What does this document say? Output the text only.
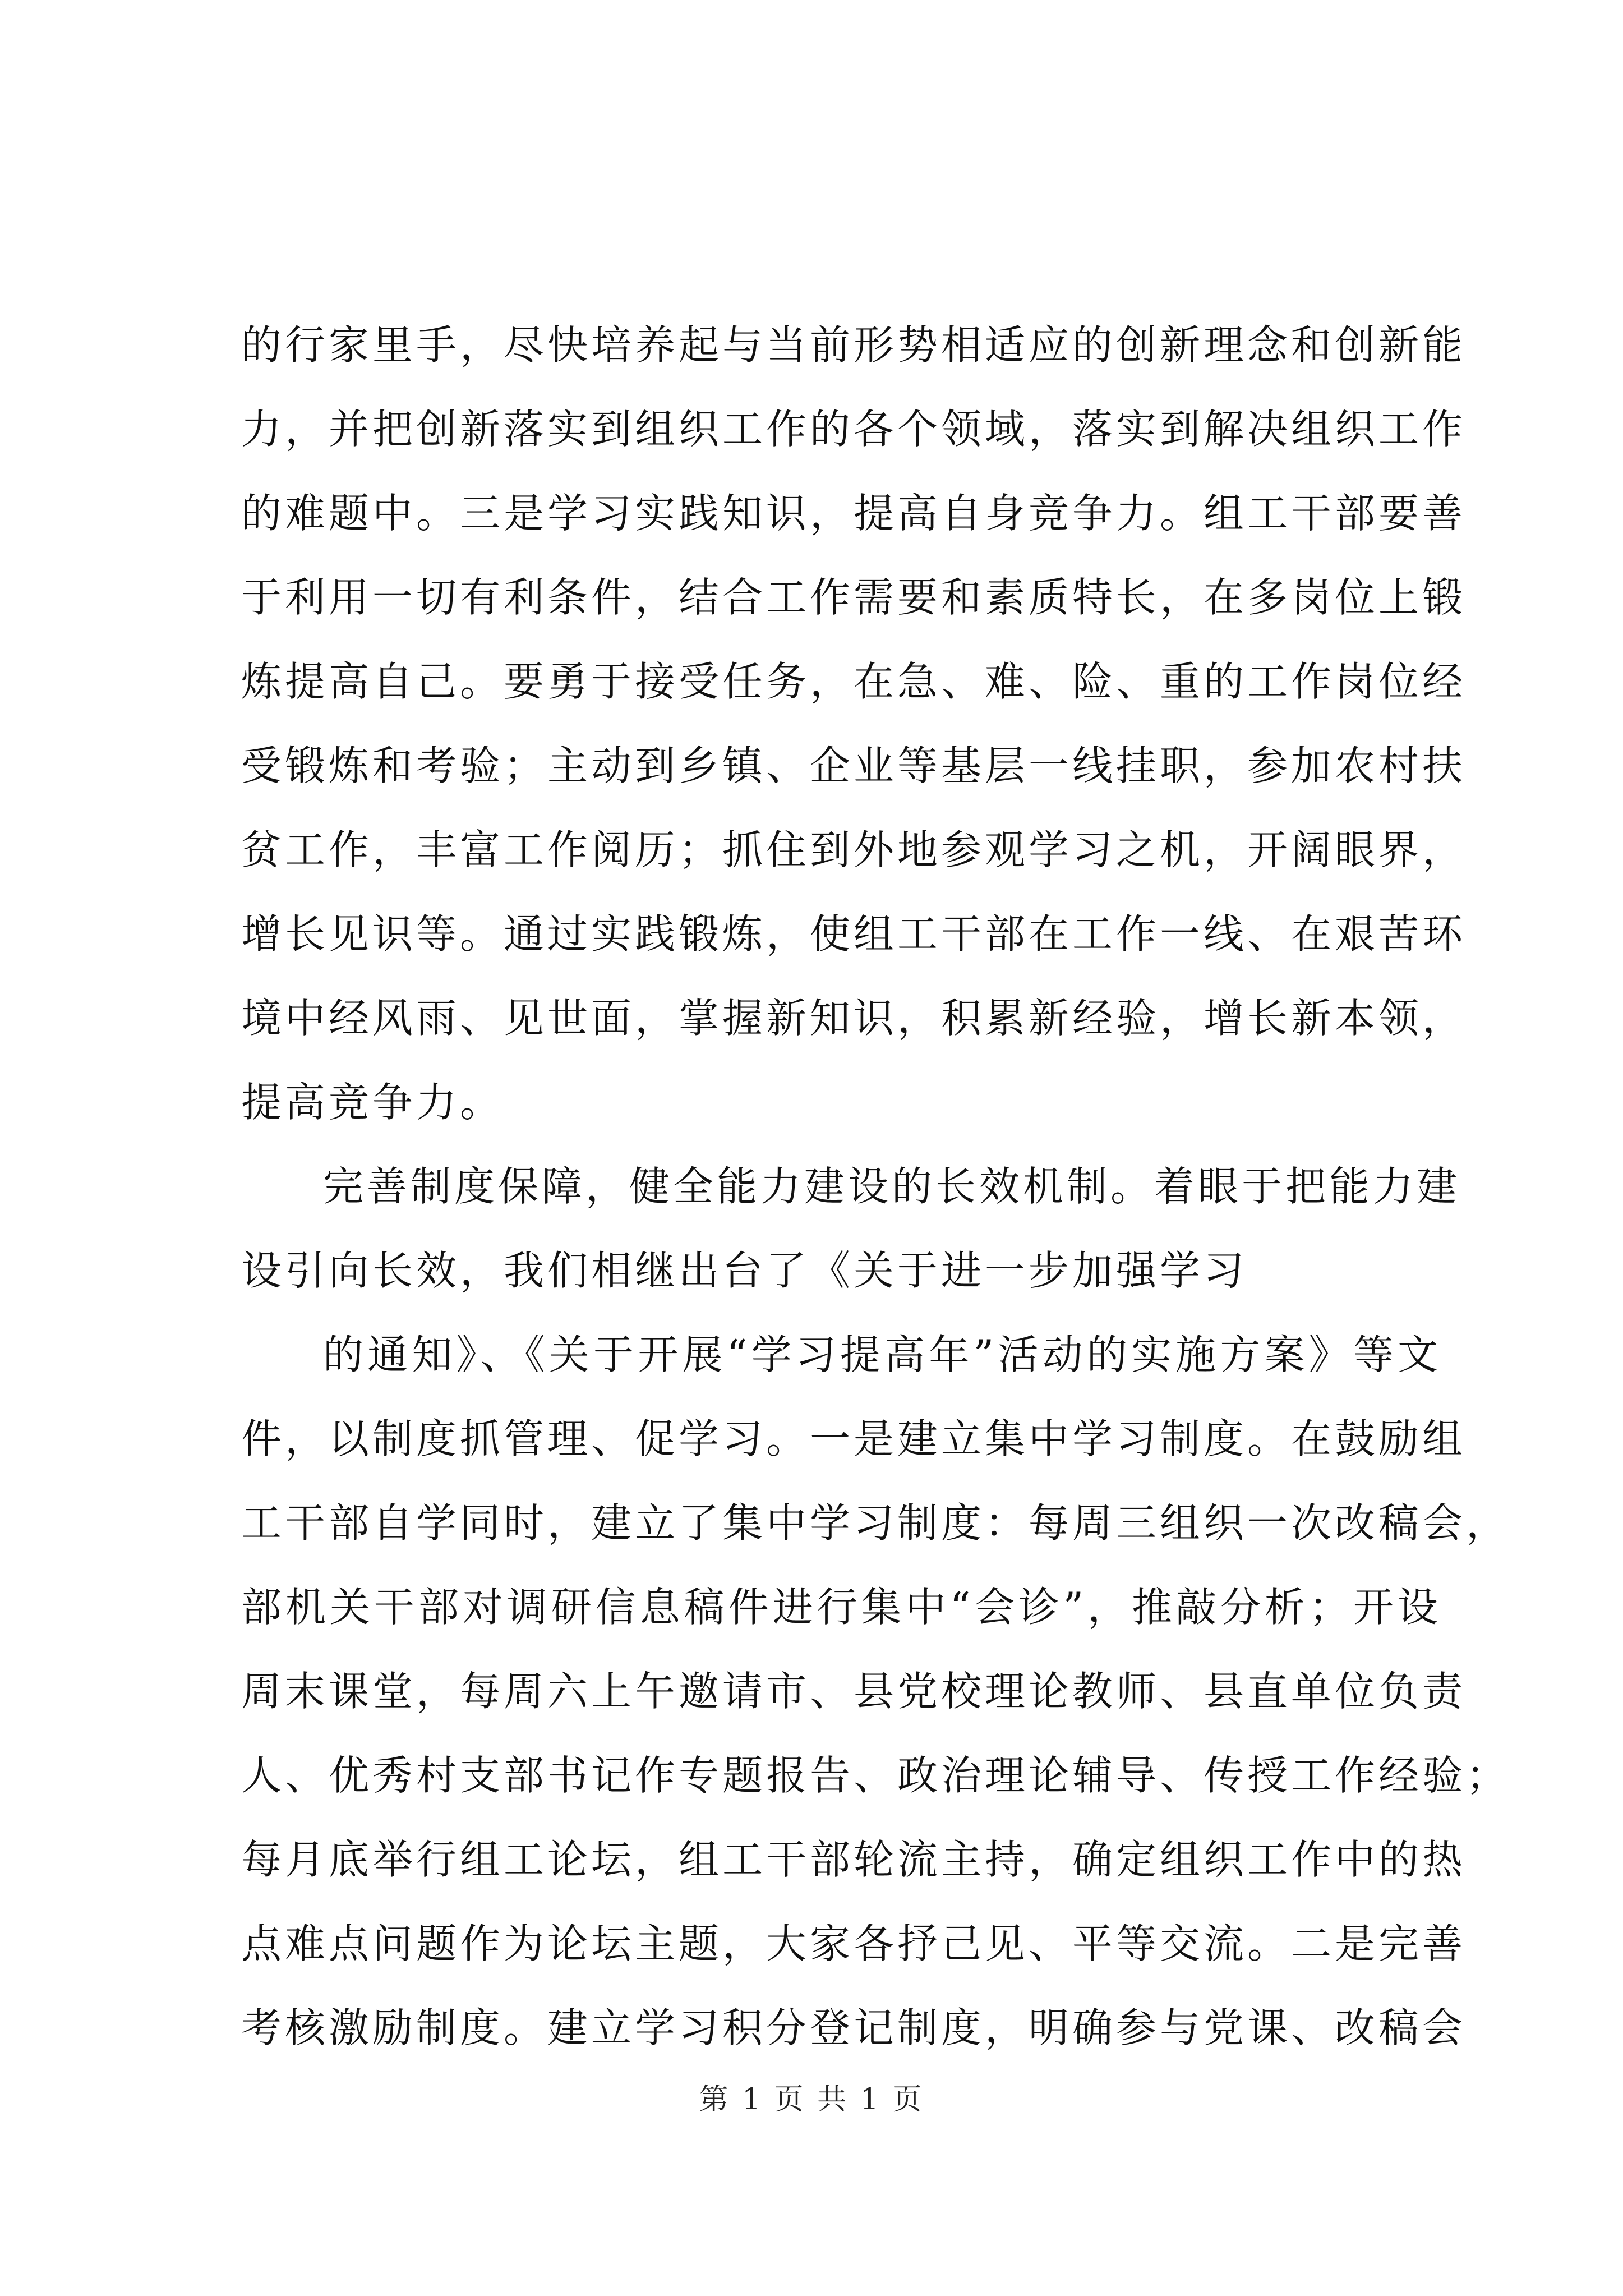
的行家里手，尽快培养起与当前形势相适应的创新理念和创新能
力，并把创新落实到组织工作的各个领域，落实到解决组织工作
的难题中。三是学习实践知识，提高自身竞争力。组工干部要善
于利用一切有利条件，结合工作需要和素质特长，在多岗位上锻
炼提高自己。要勇于接受任务，在急、难、险、重的工作岗位经
受锻炼和考验；主动到乡镇、企业等基层一线挂职，参加农村扶
贫工作，丰富工作阅历；抓住到外地参观学习之机，开阔眼界，
增长见识等。通过实践锻炼，使组工干部在工作一线、在艰苦环
境中经风雨、见世面，掌握新知识，积累新经验，增长新本领，
提高竞争力。
完善制度保障，健全能力建设的长效机制。着眼于把能力建
设引向长效，我们相继出台了《关于进一步加强学习
的通知》、《关于开展“学习提高年”活动的实施方案》等文
件，以制度抓管理、促学习。一是建立集中学习制度。在鼓励组
工干部自学同时，建立了集中学习制度：每周三组织一次改稿会，
部机关干部对调研信息稿件进行集中“会诊”，推敲分析；开设
周末课堂，每周六上午邀请市、县党校理论教师、县直单位负责
人、优秀村支部书记作专题报告、政治理论辅导、传授工作经验；
每月底举行组工论坛，组工干部轮流主持，确定组织工作中的热
点难点问题作为论坛主题，大家各抒己见、平等交流。二是完善
考核激励制度。建立学习积分登记制度，明确参与党课、改稿会
第 1 页 共 1 页
